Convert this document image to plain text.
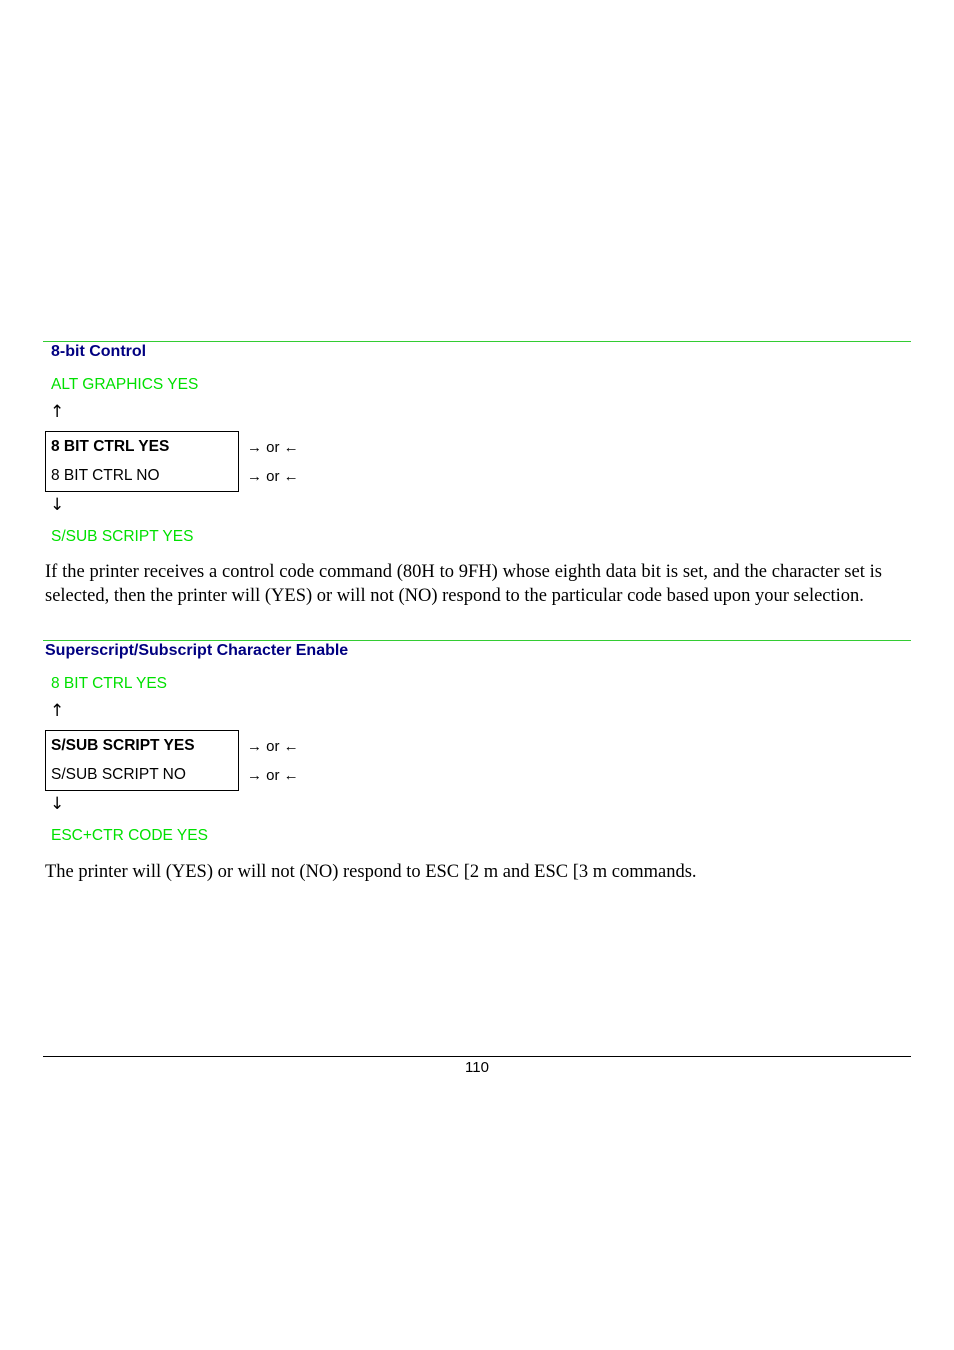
8-bit Control
ALT GRAPHICS YES
↑
8 BIT CTRL YES
8 BIT CTRL NO
→ or ←
→ or ←
↓
S/SUB SCRIPT YES
If the printer receives a control code command (80H to 9FH) whose eighth data bit is set, and the character set is selected, then the printer will (YES) or will not (NO) respond to the particular code based upon your selection.
Superscript/Subscript Character Enable
8 BIT CTRL YES
↑
S/SUB SCRIPT YES
S/SUB SCRIPT NO
→ or ←
→ or ←
↓
ESC+CTR CODE YES
The printer will (YES) or will not (NO) respond to ESC [2 m and ESC [3 m commands.
110
